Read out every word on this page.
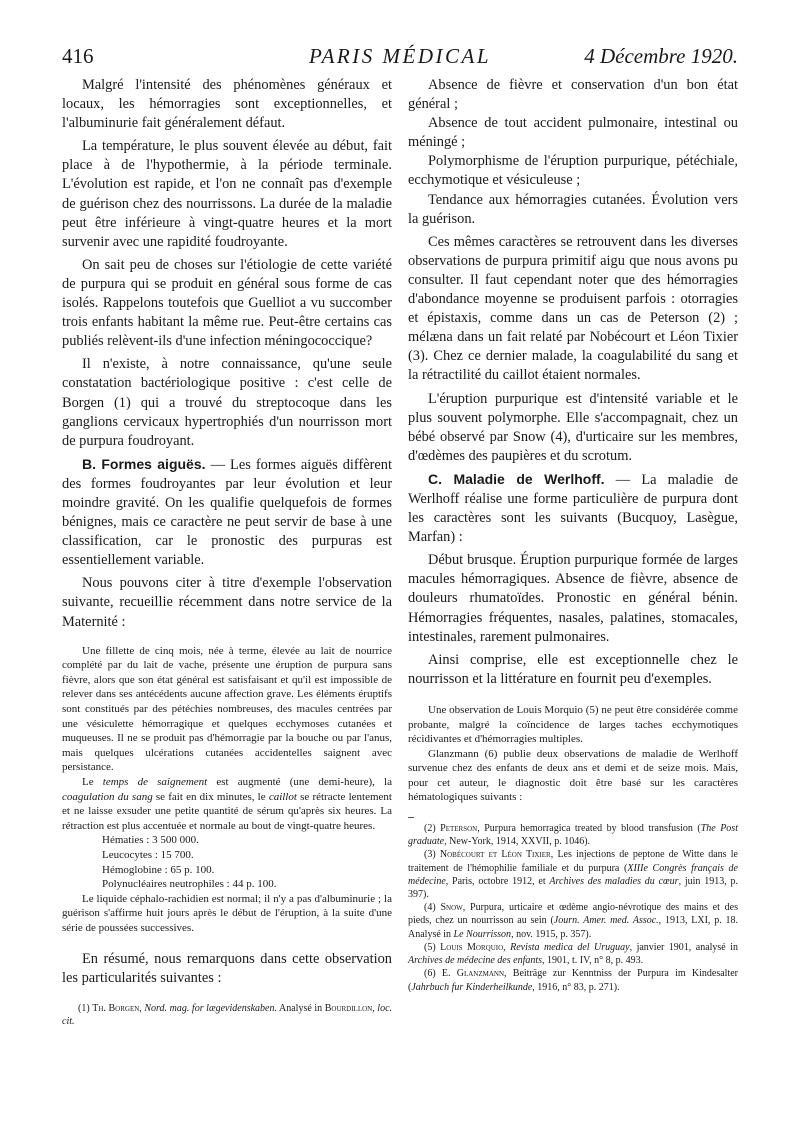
416	PARIS MÉDICAL	4 Décembre 1920.

Malgré l'intensité des phénomènes généraux et locaux, les hémorragies sont exceptionnelles, et l'albuminurie fait généralement défaut.

La température, le plus souvent élevée au début, fait place à de l'hypothermie, à la période terminale. L'évolution est rapide, et l'on ne connaît pas d'exemple de guérison chez des nourrissons. La durée de la maladie peut être inférieure à vingt-quatre heures et la mort survenir avec une rapidité foudroyante.

On sait peu de choses sur l'étiologie de cette variété de purpura qui se produit en général sous forme de cas isolés. Rappelons toutefois que Guelliot a vu succomber trois enfants habitant la même rue. Peut-être certains cas publiés relèvent-ils d'une infection méningococcique?

Il n'existe, à notre connaissance, qu'une seule constatation bactériologique positive : c'est celle de Borgen (1) qui a trouvé du streptocoque dans les ganglions cervicaux hypertrophiés d'un nourrisson mort de purpura foudroyant.

B. Formes aiguës. — Les formes aiguës diffèrent des formes foudroyantes par leur évolution et leur moindre gravité. On les qualifie quelquefois de formes bénignes, mais ce caractère ne peut servir de base à une classification, car le pronostic des purpuras est essentiellement variable.

Nous pouvons citer à titre d'exemple l'observation suivante, recueillie récemment dans notre service de la Maternité :

Une fillette de cinq mois, née à terme, élevée au lait de nourrice complété par du lait de vache, présente une éruption de purpura sans fièvre, alors que son état général est satisfaisant et qu'il est impossible de relever dans ses antécédents aucune affection grave. Les éléments éruptifs sont constitués par des pétéchies nombreuses, des macules centrées par une vésiculette hémorragique et quelques ecchymoses cutanées et muqueuses. Il ne se produit pas d'hémorragie par la bouche ou par l'anus, mais quelques ulcérations cutanées accidentelles saignent avec persistance.

Le temps de saignement est augmenté (une demi-heure), la coagulation du sang se fait en dix minutes, le caillot se rétracte lentement et ne laisse exsuder une petite quantité de sérum qu'après six heures. La rétraction est plus accentuée et normale au bout de vingt-quatre heures.

Hématies : 3 500 000.

Leucocytes : 15 700.

Hémoglobine : 65 p. 100.

Polynucléaires neutrophiles : 44 p. 100.

Le liquide céphalo-rachidien est normal; il n'y a pas d'albuminurie ; la guérison s'affirme huit jours après le début de l'éruption, à la suite d'une série de poussées successives.

En résumé, nous remarquons dans cette observation les particularités suivantes :

(1) Th. Borgen, Nord. mag. for lægevidenskaben. Analysé in Bourdillon, loc. cit.

Absence de fièvre et conservation d'un bon état général ;

Absence de tout accident pulmonaire, intestinal ou méningé ;

Polymorphisme de l'éruption purpurique, pétéchiale, ecchymotique et vésiculeuse ;

Tendance aux hémorragies cutanées. Évolution vers la guérison.

Ces mêmes caractères se retrouvent dans les diverses observations de purpura primitif aigu que nous avons pu consulter. Il faut cependant noter que des hémorragies d'abondance moyenne se produisent parfois : otorragies et épistaxis, comme dans un cas de Peterson (2) ; mélæna dans un fait relaté par Nobécourt et Léon Tixier (3). Chez ce dernier malade, la coagulabilité du sang et la rétractilité du caillot étaient normales.

L'éruption purpurique est d'intensité variable et le plus souvent polymorphe. Elle s'accompagnait, chez un bébé observé par Snow (4), d'urticaire sur les membres, d'œdèmes des paupières et du scrotum.

C. Maladie de Werlhoff. — La maladie de Werlhoff réalise une forme particulière de purpura dont les caractères sont les suivants (Bucquoy, Lasègue, Marfan) :

Début brusque. Éruption purpurique formée de larges macules hémorragiques. Absence de fièvre, absence de douleurs rhumatoïdes. Pronostic en général bénin. Hémorragies fréquentes, nasales, palatines, stomacales, intestinales, rarement pulmonaires.

Ainsi comprise, elle est exceptionnelle chez le nourrisson et la littérature en fournit peu d'exemples.

Une observation de Louis Morquio (5) ne peut être considérée comme probante, malgré la coïncidence de larges taches ecchymotiques récidivantes et d'hémorragies multiples.

Glanzmann (6) publie deux observations de maladie de Werlhoff survenue chez des enfants de deux ans et demi et de seize mois. Mais, pour cet auteur, le diagnostic doit être basé sur les caractères hématologiques suivants :

(2) Peterson, Purpura hemorragica treated by blood transfusion (The Post graduate, New-York, 1914, XXVII, p. 1046).

(3) Nobécourt et Léon Tixier, Les injections de peptone de Witte dans le traitement de l'hémophilie familiale et du purpura (XIIIe Congrès français de médecine, Paris, octobre 1912, et Archives des maladies du cœur, juin 1913, p. 397).

(4) Snow, Purpura, urticaire et œdème angio-névrotique des mains et des pieds, chez un nourrisson au sein (Journ. Amer. med. Assoc., 1913, LXI, p. 18. Analysé in Le Nourrisson, nov. 1915, p. 357).

(5) Louis Morquio, Revista medica del Uruguay, janvier 1901, analysé in Archives de médecine des enfants, 1901, t. IV, n° 8, p. 493.

(6) E. Glanzmann, Beiträge zur Kenntniss der Purpura im Kindesalter (Jahrbuch fur Kinderheilkunde, 1916, n° 83, p. 271).
